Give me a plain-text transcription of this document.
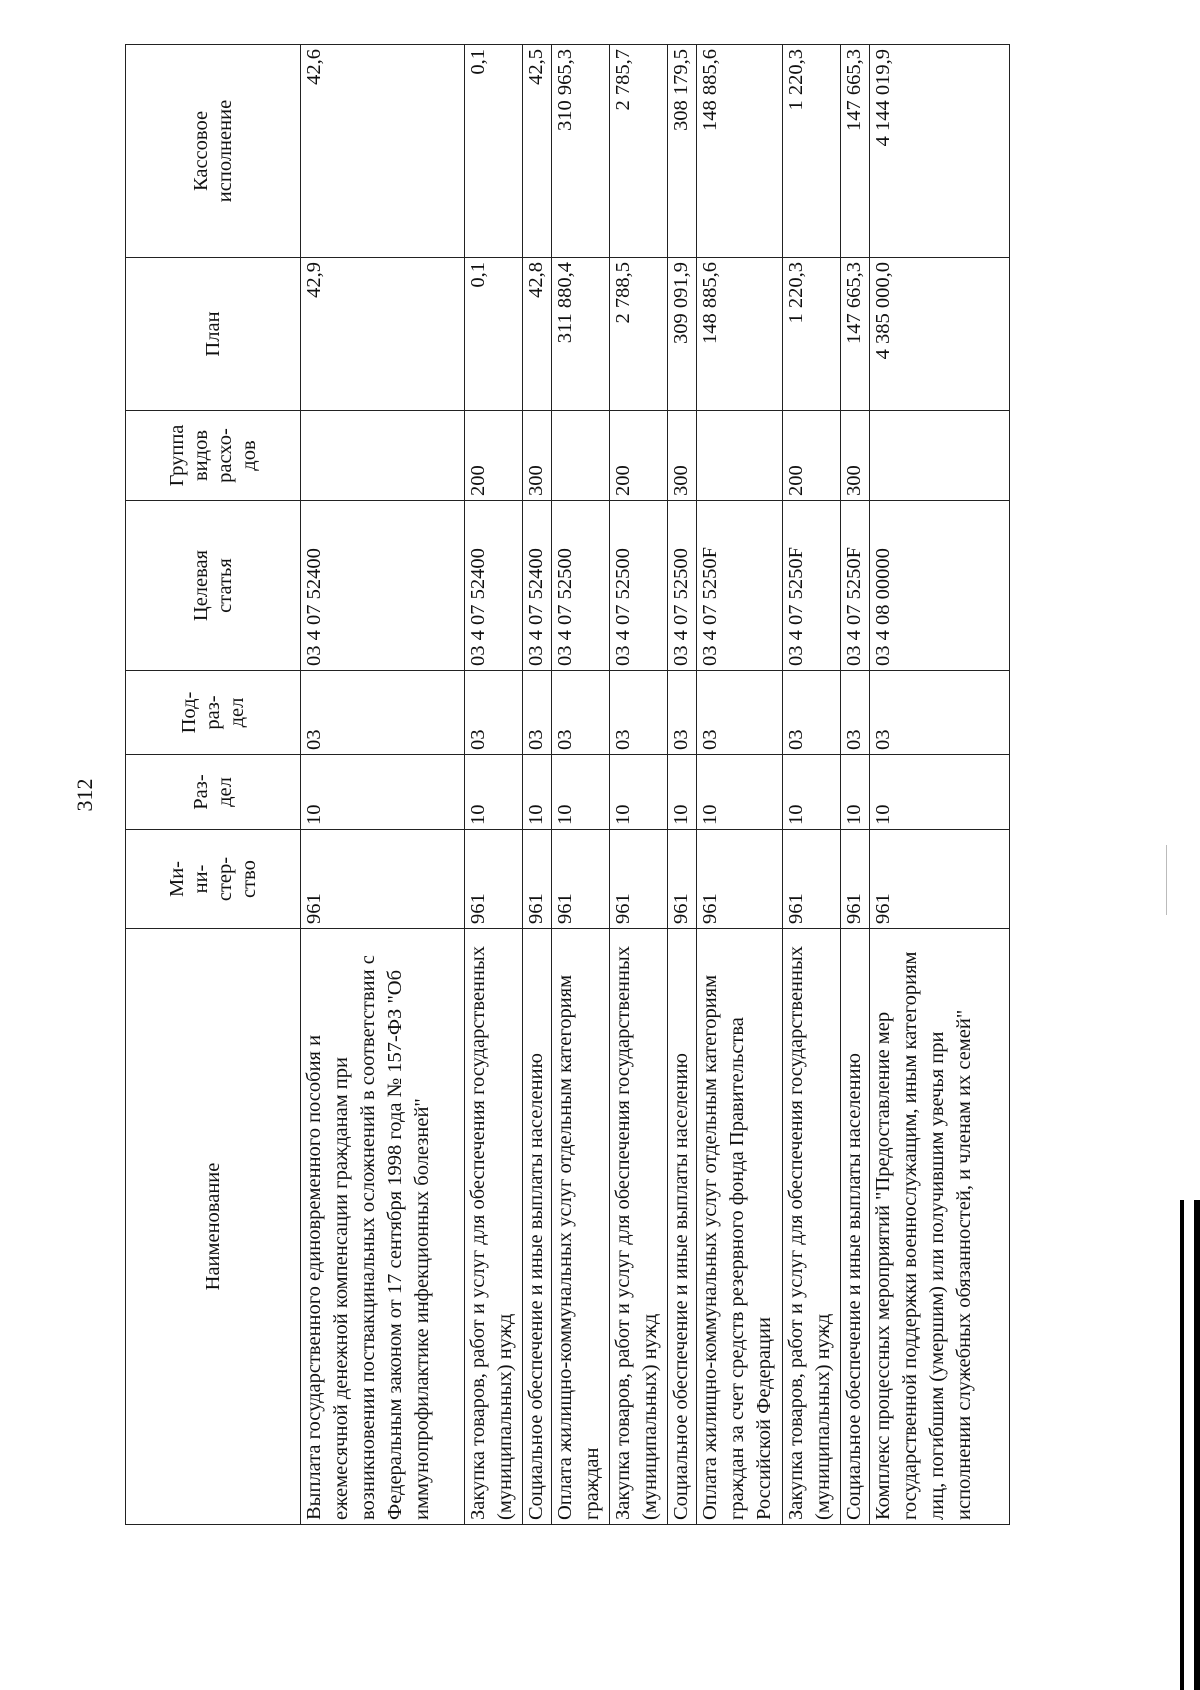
312
Наименование	Ми-
ни-
стер-
ство	Раз-
дел	Под-
раз-
дел	Целевая
статья	Группа
видов
расхо-
дов	План	Кассовое
исполнение
Выплата государственного единовременного пособия и ежемесячной денежной компенсации гражданам при возникновении поствакцинальных осложнений в соответствии с Федеральным законом от 17 сентября 1998 года № 157-ФЗ "Об иммунопрофилактике инфекционных болезней"	961	10	03	03 4 07 52400		42,9	42,6
Закупка товаров, работ и услуг для обеспечения государственных (муниципальных) нужд	961	10	03	03 4 07 52400	200	0,1	0,1
Социальное обеспечение и иные выплаты населению	961	10	03	03 4 07 52400	300	42,8	42,5
Оплата жилищно-коммунальных услуг отдельным категориям граждан	961	10	03	03 4 07 52500		311 880,4	310 965,3
Закупка товаров, работ и услуг для обеспечения государственных (муниципальных) нужд	961	10	03	03 4 07 52500	200	2 788,5	2 785,7
Социальное обеспечение и иные выплаты населению	961	10	03	03 4 07 52500	300	309 091,9	308 179,5
Оплата жилищно-коммунальных услуг отдельным категориям граждан за счет средств резервного фонда Правительства Российской Федерации	961	10	03	03 4 07 5250F		148 885,6	148 885,6
Закупка товаров, работ и услуг для обеспечения государственных (муниципальных) нужд	961	10	03	03 4 07 5250F	200	1 220,3	1 220,3
Социальное обеспечение и иные выплаты населению	961	10	03	03 4 07 5250F	300	147 665,3	147 665,3
Комплекс процессных мероприятий "Предоставление мер государственной поддержки военнослужащим, иным категориям лиц, погибшим (умершим) или получившим увечья при исполнении служебных обязанностей, и членам их семей"	961	10	03	03 4 08 00000		4 385 000,0	4 144 019,9
